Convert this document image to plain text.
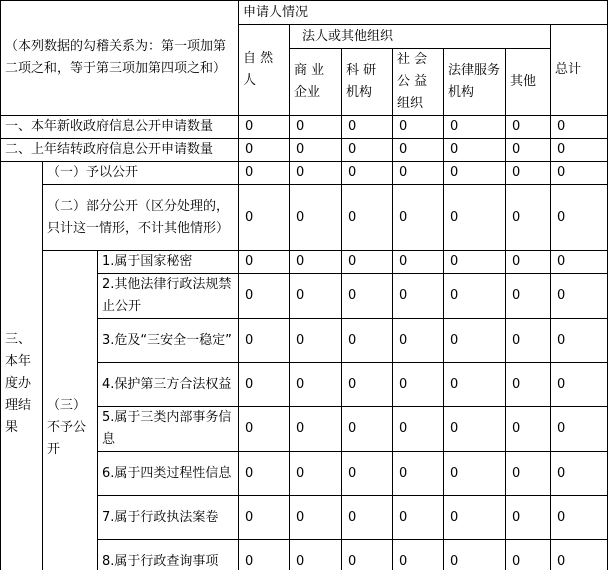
（本列数据的勾稽关系为：第一项加第二项之和，等于第三项加第四项之和）			申请人情况						
			自 然 人	法人或其他组织					总计
				商 业 企业	科 研 机构	社 会 公 益 组织	法律服务机构	其他	
一、本年新收政府信息公开申请数量			0	0	0	0	0	0	0
二、上年结转政府信息公开申请数量			0	0	0	0	0	0	0
三、本年度办理结果	（一）予以公开		0	0	0	0	0	0	0
	（二）部分公开（区分处理的，只计这一情形，不计其他情形）		0	0	0	0	0	0	0
	（三）不予公开	1.属于国家秘密	0	0	0	0	0	0	0
		2.其他法律行政法规禁止公开	0	0	0	0	0	0	0
		3.危及“三安全一稳定”	0	0	0	0	0	0	0
		4.保护第三方合法权益	0	0	0	0	0	0	0
		5.属于三类内部事务信息	0	0	0	0	0	0	0
		6.属于四类过程性信息	0	0	0	0	0	0	0
		7.属于行政执法案卷	0	0	0	0	0	0	0
		8.属于行政查询事项	0	0	0	0	0	0	0
